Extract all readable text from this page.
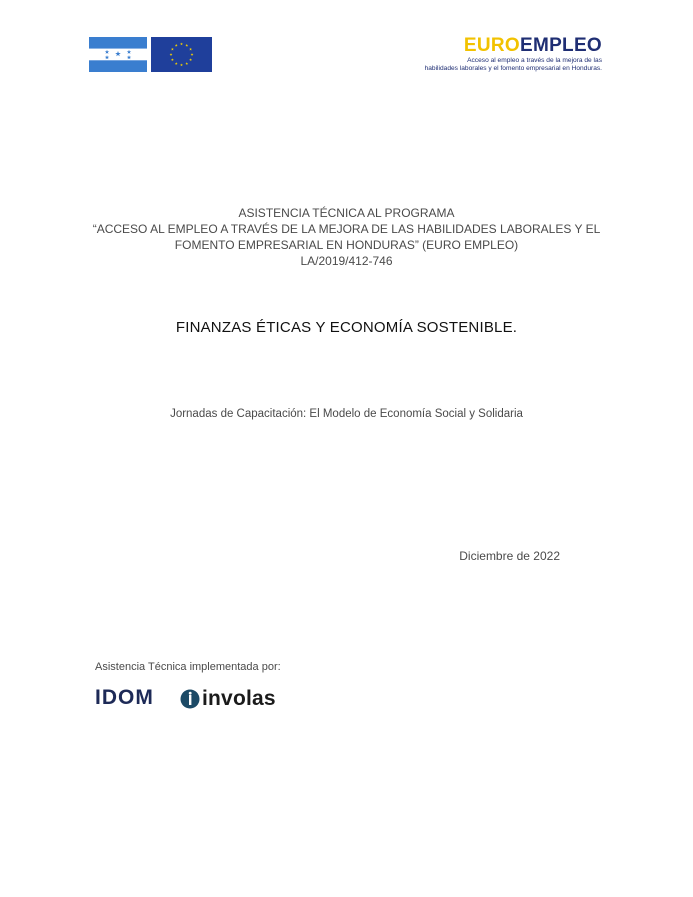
EUROEMPLEO
Acceso al empleo a través de la mejora de las
habilidades laborales y el fomento empresarial en Honduras.
ASISTENCIA TÉCNICA AL PROGRAMA
“ACCESO AL EMPLEO A TRAVÉS DE LA MEJORA DE LAS HABILIDADES LABORALES Y EL
FOMENTO EMPRESARIAL EN HONDURAS” (EURO EMPLEO)
LA/2019/412-746
FINANZAS ÉTICAS Y ECONOMÍA SOSTENIBLE.
Jornadas de Capacitación: El Modelo de Economía Social y Solidaria
Diciembre de 2022
Asistencia Técnica implementada por:
IDOM involas
